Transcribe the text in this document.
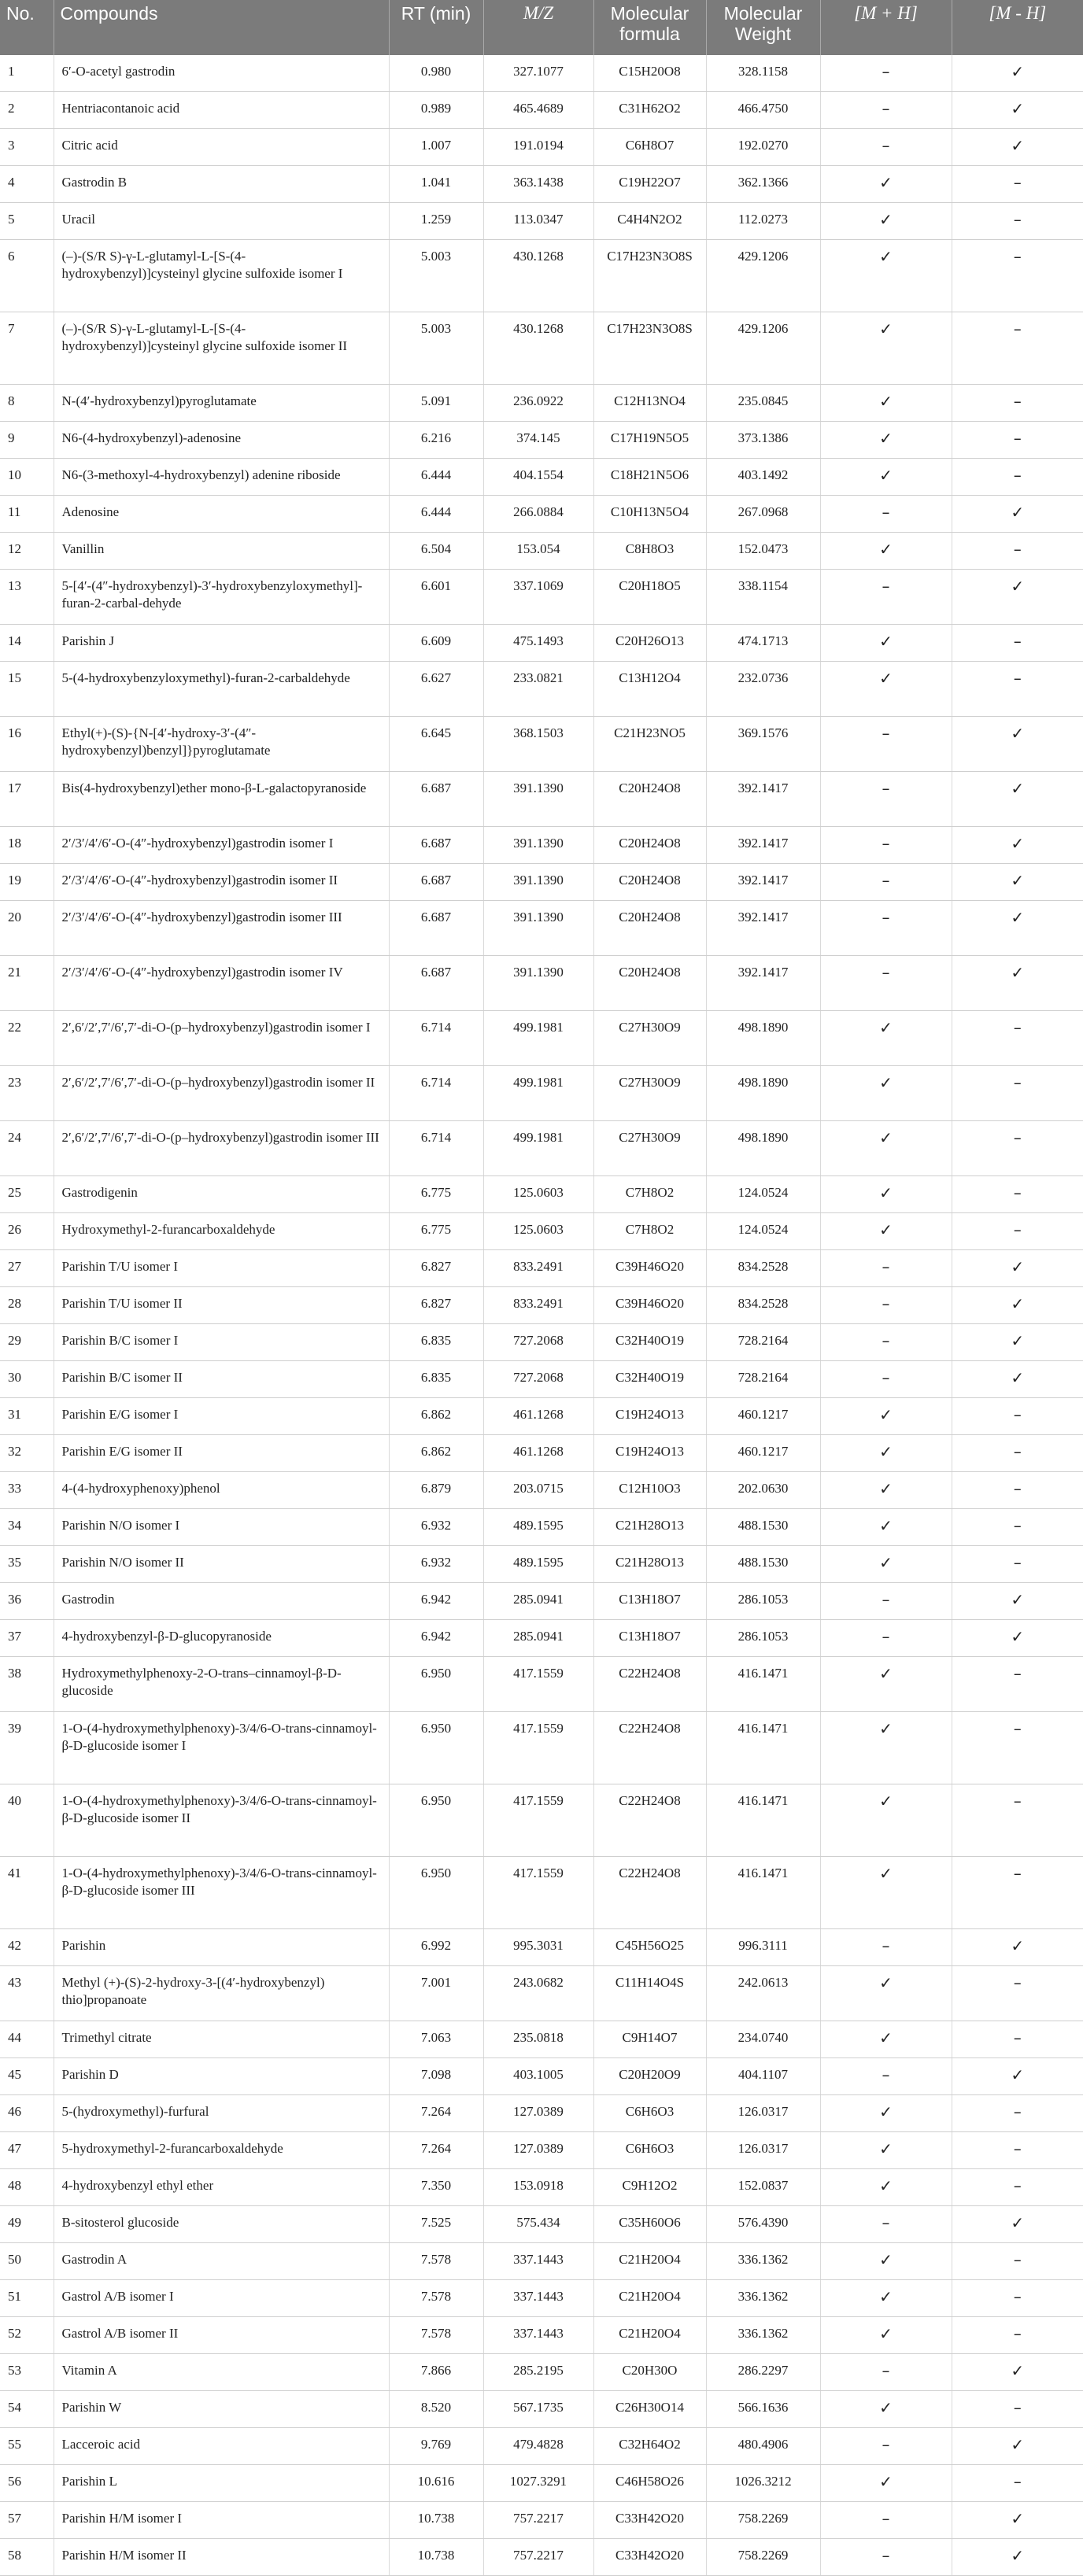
No.	Compounds	RT (min)	M/Z	Molecular formula	Molecular Weight	[M + H]	[M - H]
1	6′-O-acetyl gastrodin	0.980	327.1077	C15H20O8	328.1158	–	✓
2	Hentriacontanoic acid	0.989	465.4689	C31H62O2	466.4750	–	✓
3	Citric acid	1.007	191.0194	C6H8O7	192.0270	–	✓
4	Gastrodin B	1.041	363.1438	C19H22O7	362.1366	✓	–
5	Uracil	1.259	113.0347	C4H4N2O2	112.0273	✓	–
6	(–)-(S/R S)-γ-L-glutamyl-L-[S-(4-hydroxybenzyl)]cysteinyl glycine sulfoxide isomer I	5.003	430.1268	C17H23N3O8S	429.1206	✓	–
7	(–)-(S/R S)-γ-L-glutamyl-L-[S-(4-hydroxybenzyl)]cysteinyl glycine sulfoxide isomer II	5.003	430.1268	C17H23N3O8S	429.1206	✓	–
8	N-(4′-hydroxybenzyl)pyroglutamate	5.091	236.0922	C12H13NO4	235.0845	✓	–
9	N6-(4-hydroxybenzyl)-adenosine	6.216	374.145	C17H19N5O5	373.1386	✓	–
10	N6-(3-methoxyl-4-hydroxybenzyl) adenine riboside	6.444	404.1554	C18H21N5O6	403.1492	✓	–
11	Adenosine	6.444	266.0884	C10H13N5O4	267.0968	–	✓
12	Vanillin	6.504	153.054	C8H8O3	152.0473	✓	–
13	5-[4′-(4″-hydroxybenzyl)-3′-hydroxybenzyloxymethyl]-furan-2-carbal-dehyde	6.601	337.1069	C20H18O5	338.1154	–	✓
14	Parishin J	6.609	475.1493	C20H26O13	474.1713	✓	–
15	5-(4-hydroxybenzyloxymethyl)-furan-2-carbaldehyde	6.627	233.0821	C13H12O4	232.0736	✓	–
16	Ethyl(+)-(S)-{N-[4′-hydroxy-3′-(4″-hydroxybenzyl)benzyl]}pyroglutamate	6.645	368.1503	C21H23NO5	369.1576	–	✓
17	Bis(4-hydroxybenzyl)ether mono-β-L-galactopyranoside	6.687	391.1390	C20H24O8	392.1417	–	✓
18	2′/3′/4′/6′-O-(4″-hydroxybenzyl)gastrodin isomer I	6.687	391.1390	C20H24O8	392.1417	–	✓
19	2′/3′/4′/6′-O-(4″-hydroxybenzyl)gastrodin isomer II	6.687	391.1390	C20H24O8	392.1417	–	✓
20	2′/3′/4′/6′-O-(4″-hydroxybenzyl)gastrodin isomer III	6.687	391.1390	C20H24O8	392.1417	–	✓
21	2′/3′/4′/6′-O-(4″-hydroxybenzyl)gastrodin isomer IV	6.687	391.1390	C20H24O8	392.1417	–	✓
22	2′,6′/2′,7′/6′,7′-di-O-(p–hydroxybenzyl)gastrodin isomer I	6.714	499.1981	C27H30O9	498.1890	✓	–
23	2′,6′/2′,7′/6′,7′-di-O-(p–hydroxybenzyl)gastrodin isomer II	6.714	499.1981	C27H30O9	498.1890	✓	–
24	2′,6′/2′,7′/6′,7′-di-O-(p–hydroxybenzyl)gastrodin isomer III	6.714	499.1981	C27H30O9	498.1890	✓	–
25	Gastrodigenin	6.775	125.0603	C7H8O2	124.0524	✓	–
26	Hydroxymethyl-2-furancarboxaldehyde	6.775	125.0603	C7H8O2	124.0524	✓	–
27	Parishin T/U isomer I	6.827	833.2491	C39H46O20	834.2528	–	✓
28	Parishin T/U isomer II	6.827	833.2491	C39H46O20	834.2528	–	✓
29	Parishin B/C isomer I	6.835	727.2068	C32H40O19	728.2164	–	✓
30	Parishin B/C isomer II	6.835	727.2068	C32H40O19	728.2164	–	✓
31	Parishin E/G isomer I	6.862	461.1268	C19H24O13	460.1217	✓	–
32	Parishin E/G isomer II	6.862	461.1268	C19H24O13	460.1217	✓	–
33	4-(4-hydroxyphenoxy)phenol	6.879	203.0715	C12H10O3	202.0630	✓	–
34	Parishin N/O isomer I	6.932	489.1595	C21H28O13	488.1530	✓	–
35	Parishin N/O isomer II	6.932	489.1595	C21H28O13	488.1530	✓	–
36	Gastrodin	6.942	285.0941	C13H18O7	286.1053	–	✓
37	4-hydroxybenzyl-β-D-glucopyranoside	6.942	285.0941	C13H18O7	286.1053	–	✓
38	Hydroxymethylphenoxy-2-O-trans–cinnamoyl-β-D-glucoside	6.950	417.1559	C22H24O8	416.1471	✓	–
39	1-O-(4-hydroxymethylphenoxy)-3/4/6-O-trans-cinnamoyl-β-D-glucoside isomer I	6.950	417.1559	C22H24O8	416.1471	✓	–
40	1-O-(4-hydroxymethylphenoxy)-3/4/6-O-trans-cinnamoyl-β-D-glucoside isomer II	6.950	417.1559	C22H24O8	416.1471	✓	–
41	1-O-(4-hydroxymethylphenoxy)-3/4/6-O-trans-cinnamoyl-β-D-glucoside isomer III	6.950	417.1559	C22H24O8	416.1471	✓	–
42	Parishin	6.992	995.3031	C45H56O25	996.3111	–	✓
43	Methyl (+)-(S)-2-hydroxy-3-[(4′-hydroxybenzyl) thio]propanoate	7.001	243.0682	C11H14O4S	242.0613	✓	–
44	Trimethyl citrate	7.063	235.0818	C9H14O7	234.0740	✓	–
45	Parishin D	7.098	403.1005	C20H20O9	404.1107	–	✓
46	5-(hydroxymethyl)-furfural	7.264	127.0389	C6H6O3	126.0317	✓	–
47	5-hydroxymethyl-2-furancarboxaldehyde	7.264	127.0389	C6H6O3	126.0317	✓	–
48	4-hydroxybenzyl ethyl ether	7.350	153.0918	C9H12O2	152.0837	✓	–
49	B-sitosterol glucoside	7.525	575.434	C35H60O6	576.4390	–	✓
50	Gastrodin A	7.578	337.1443	C21H20O4	336.1362	✓	–
51	Gastrol A/B isomer I	7.578	337.1443	C21H20O4	336.1362	✓	–
52	Gastrol A/B isomer II	7.578	337.1443	C21H20O4	336.1362	✓	–
53	Vitamin A	7.866	285.2195	C20H30O	286.2297	–	✓
54	Parishin W	8.520	567.1735	C26H30O14	566.1636	✓	–
55	Lacceroic acid	9.769	479.4828	C32H64O2	480.4906	–	✓
56	Parishin L	10.616	1027.3291	C46H58O26	1026.3212	✓	–
57	Parishin H/M isomer I	10.738	757.2217	C33H42O20	758.2269	–	✓
58	Parishin H/M isomer II	10.738	757.2217	C33H42O20	758.2269	–	✓
